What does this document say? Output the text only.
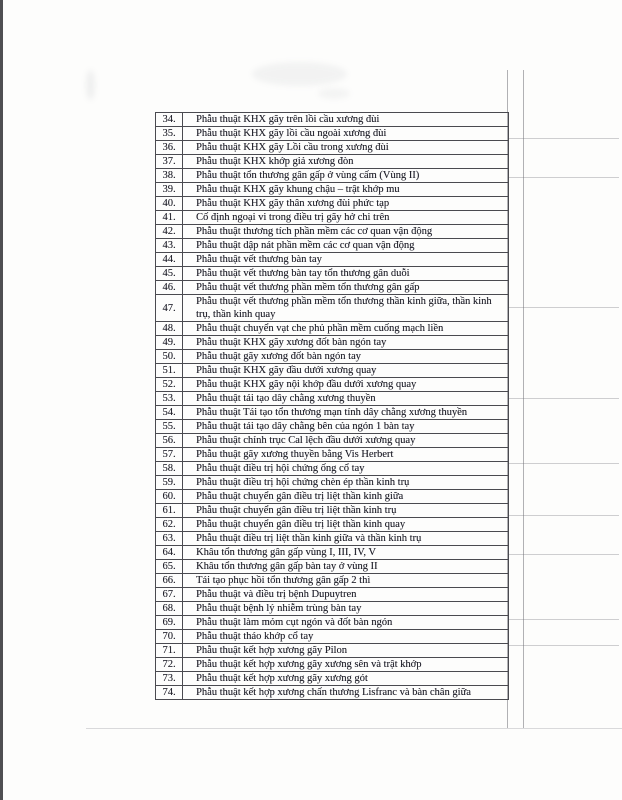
34.	Phẫu thuật KHX gãy trên lồi cầu xương đùi
35.	Phẫu thuật KHX gãy lồi cầu ngoài xương đùi
36.	Phẫu thuật KHX gãy Lồi cầu trong xương đùi
37.	Phẫu thuật KHX khớp giả xương đòn
38.	Phẫu thuật tổn thương gân gấp ở vùng cấm (Vùng II)
39.	Phẫu thuật KHX gãy khung chậu – trật khớp mu
40.	Phẫu thuật KHX gãy thân xương đùi phức tạp
41.	Cố định ngoại vi trong điều trị gãy hở chi trên
42.	Phẫu thuật thương tích phần mềm các cơ quan vận động
43.	Phẫu thuật dập nát phần mềm các cơ quan vận động
44.	Phẫu thuật vết thương bàn tay
45.	Phẫu thuật vết thương bàn tay tổn thương gân duỗi
46.	Phẫu thuật vết thương phần mềm tổn thương gân gấp
47.	Phẫu thuật vết thương phần mềm tổn thương thần kinh giữa, thần kinh trụ, thần kinh quay
48.	Phẫu thuật chuyển vạt che phủ phần mềm cuống mạch liền
49.	Phẫu thuật KHX gãy xương đốt bàn ngón tay
50.	Phẫu thuật gãy xương đốt bàn ngón tay
51.	Phẫu thuật KHX gãy đầu dưới xương quay
52.	Phẫu thuật KHX gãy nội khớp đầu dưới xương quay
53.	Phẫu thuật tái tạo dây chằng xương thuyền
54.	Phẫu thuật Tái tạo tổn thương mạn tính dây chằng xương thuyền
55.	Phẫu thuật tái tạo dây chằng bên của ngón 1 bàn tay
56.	Phẫu thuật chỉnh trục Cal lệch đầu dưới xương quay
57.	Phẫu thuật gãy xương thuyền bằng Vis Herbert
58.	Phẫu thuật điều trị hội chứng ống cổ tay
59.	Phẫu thuật điều trị hội chứng chèn ép thần kinh trụ
60.	Phẫu thuật chuyển gân điều trị liệt thần kinh giữa
61.	Phẫu thuật chuyển gân điều trị liệt thần kinh trụ
62.	Phẫu thuật chuyển gân điều trị liệt thần kinh quay
63.	Phẫu thuật điều trị liệt thần kinh giữa và thần kinh trụ
64.	Khâu tổn thương gân gấp vùng I, III, IV, V
65.	Khâu tổn thương gân gấp bàn tay ở vùng II
66.	Tái tạo phục hồi tổn thương gân gấp 2 thì
67.	Phẫu thuật và điều trị bệnh Dupuytren
68.	Phẫu thuật bệnh lý nhiễm trùng bàn tay
69.	Phẫu thuật làm mỏm cụt ngón và đốt bàn ngón
70.	Phẫu thuật tháo khớp cổ tay
71.	Phẫu thuật kết hợp xương gãy Pilon
72.	Phẫu thuật kết hợp xương gãy xương sên và trật khớp
73.	Phẫu thuật kết hợp xương gãy xương gót
74.	Phẫu thuật kết hợp xương chấn thương Lisfranc và bàn chân giữa
